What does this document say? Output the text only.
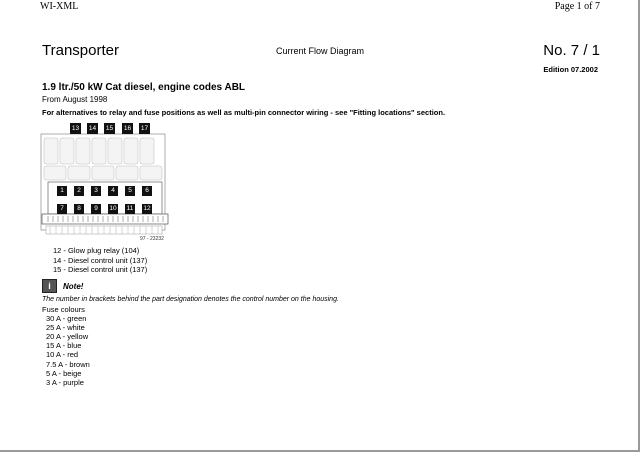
WI-XML	Page 1 of 7
Transporter	Current Flow Diagram	No. 7 / 1
Edition 07.2002
1.9 ltr./50 kW Cat diesel, engine codes ABL
From August 1998
For alternatives to relay and fuse positions as well as multi-pin connector wiring - see "Fitting locations" section.
13 14 15 16 17
1	2	3	4	5	6
7	8	9	10 11 12
97 - 23232
12 - Glow plug relay (104)
14 - Diesel control unit (137)
15 - Diesel control unit (137)
i	Note!
The number in brackets behind the part designation denotes the control number on the housing.
Fuse colours
30 A - green
25 A - white
20 A - yellow
15 A - blue
10 A - red
7.5 A - brown
5 A - beige
3 A - purple
